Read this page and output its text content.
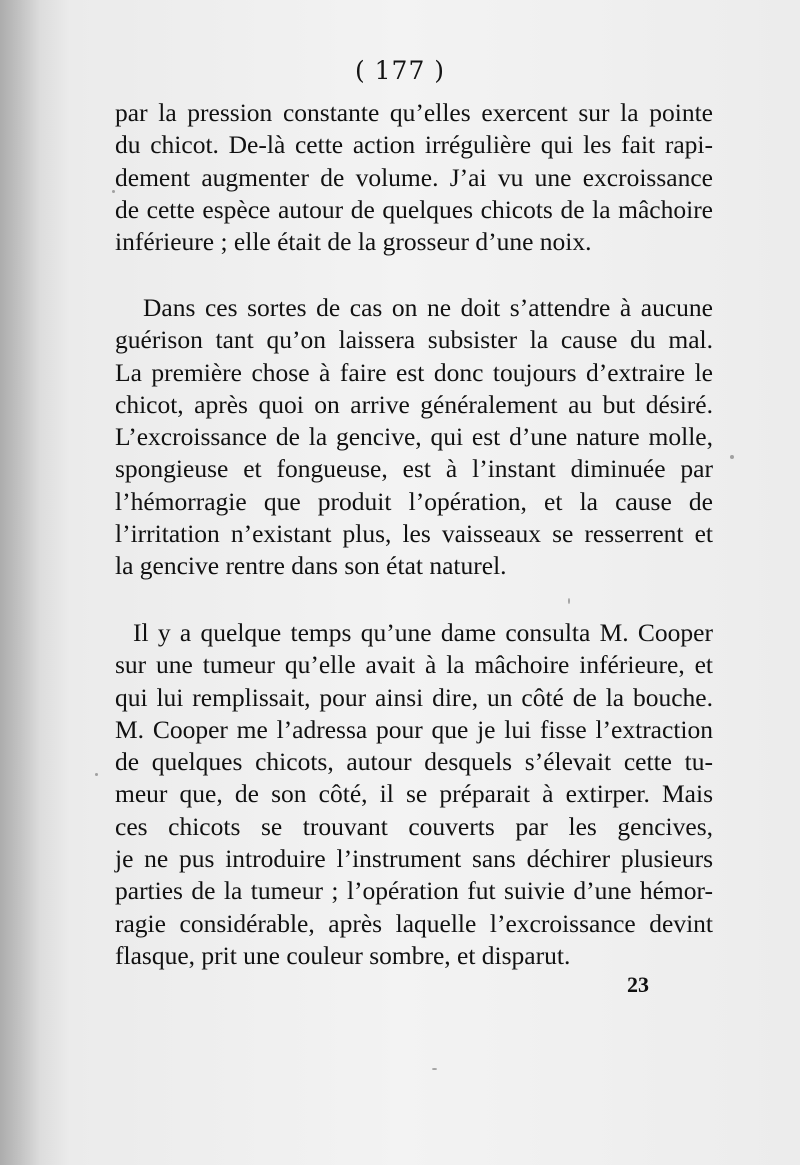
( 177 )
par la pression constante qu’elles exercent sur la pointe
du chicot. De-là cette action irrégulière qui les fait rapi-
dement augmenter de volume. J’ai vu une excroissance
de cette espèce autour de quelques chicots de la mâchoire
inférieure ; elle était de la grosseur d’une noix.
Dans ces sortes de cas on ne doit s’attendre à aucune
guérison tant qu’on laissera subsister la cause du mal.
La première chose à faire est donc toujours d’extraire le
chicot, après quoi on arrive généralement au but désiré.
L’excroissance de la gencive, qui est d’une nature molle,
spongieuse et fongueuse, est à l’instant diminuée par
l’hémorragie que produit l’opération, et la cause de
l’irritation n’existant plus, les vaisseaux se resserrent et
la gencive rentre dans son état naturel.
Il y a quelque temps qu’une dame consulta M. Cooper
sur une tumeur qu’elle avait à la mâchoire inférieure, et
qui lui remplissait, pour ainsi dire, un côté de la bouche.
M. Cooper me l’adressa pour que je lui fisse l’extraction
de quelques chicots, autour desquels s’élevait cette tu-
meur que, de son côté, il se préparait à extirper. Mais
ces chicots se trouvant couverts par les gencives,
je ne pus introduire l’instrument sans déchirer plusieurs
parties de la tumeur ; l’opération fut suivie d’une hémor-
ragie considérable, après laquelle l’excroissance devint
flasque, prit une couleur sombre, et disparut.
23
